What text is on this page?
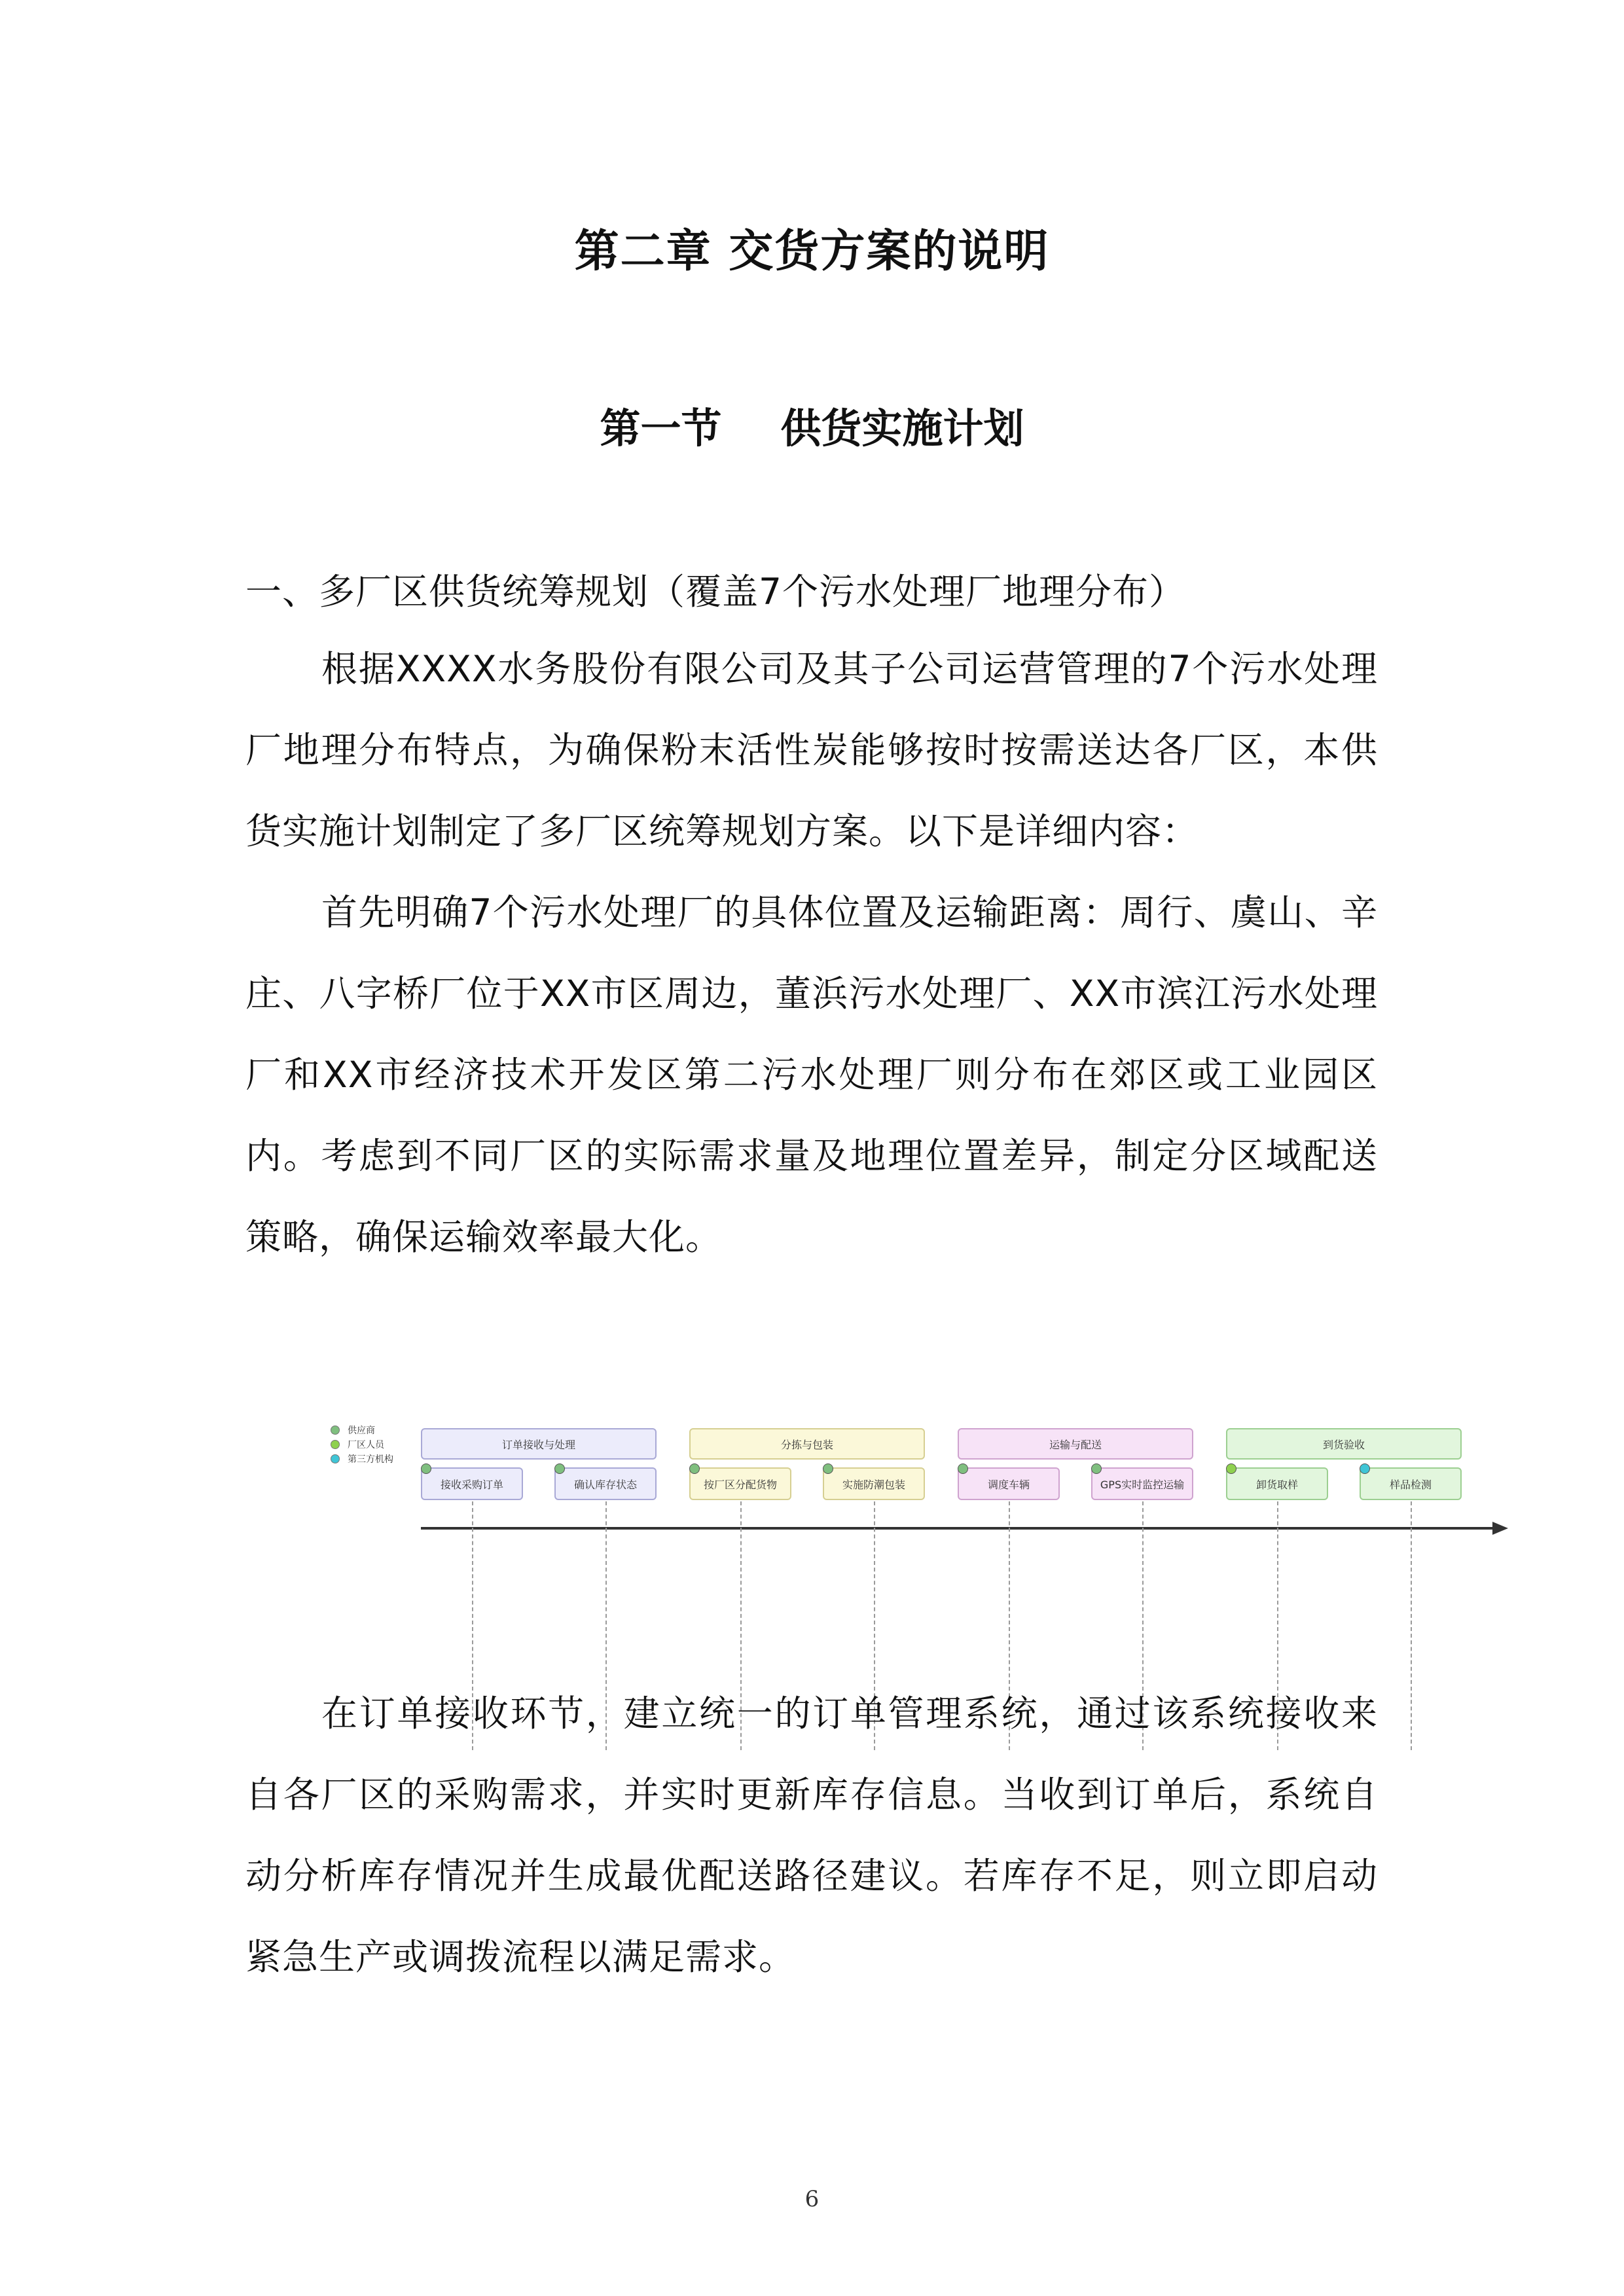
第二章 交货方案的说明
第一节 供货实施计划
一、多厂区供货统筹规划（覆盖7个污水处理厂地理分布）
根据XXXX水务股份有限公司及其子公司运营管理的7个污水处理厂地理分布特点，为确保粉末活性炭能够按时按需送达各厂区，本供货实施计划制定了多厂区统筹规划方案。以下是详细内容：
首先明确7个污水处理厂的具体位置及运输距离：周行、虞山、辛庄、八字桥厂位于XX市区周边，董浜污水处理厂、XX市滨江污水处理厂和XX市经济技术开发区第二污水处理厂则分布在郊区或工业园区内。考虑到不同厂区的实际需求量及地理位置差异，制定分区域配送策略，确保运输效率最大化。
供应商
厂区人员
第三方机构
订单接收与处理	分拣与包装	运输与配送	到货验收
接收采购订单	确认库存状态	按厂区分配货物	实施防潮包装	调度车辆	GPS实时监控运输	卸货取样	样品检测
在订单接收环节，建立统一的订单管理系统，通过该系统接收来自各厂区的采购需求，并实时更新库存信息。当收到订单后，系统自动分析库存情况并生成最优配送路径建议。若库存不足，则立即启动紧急生产或调拨流程以满足需求。
6
